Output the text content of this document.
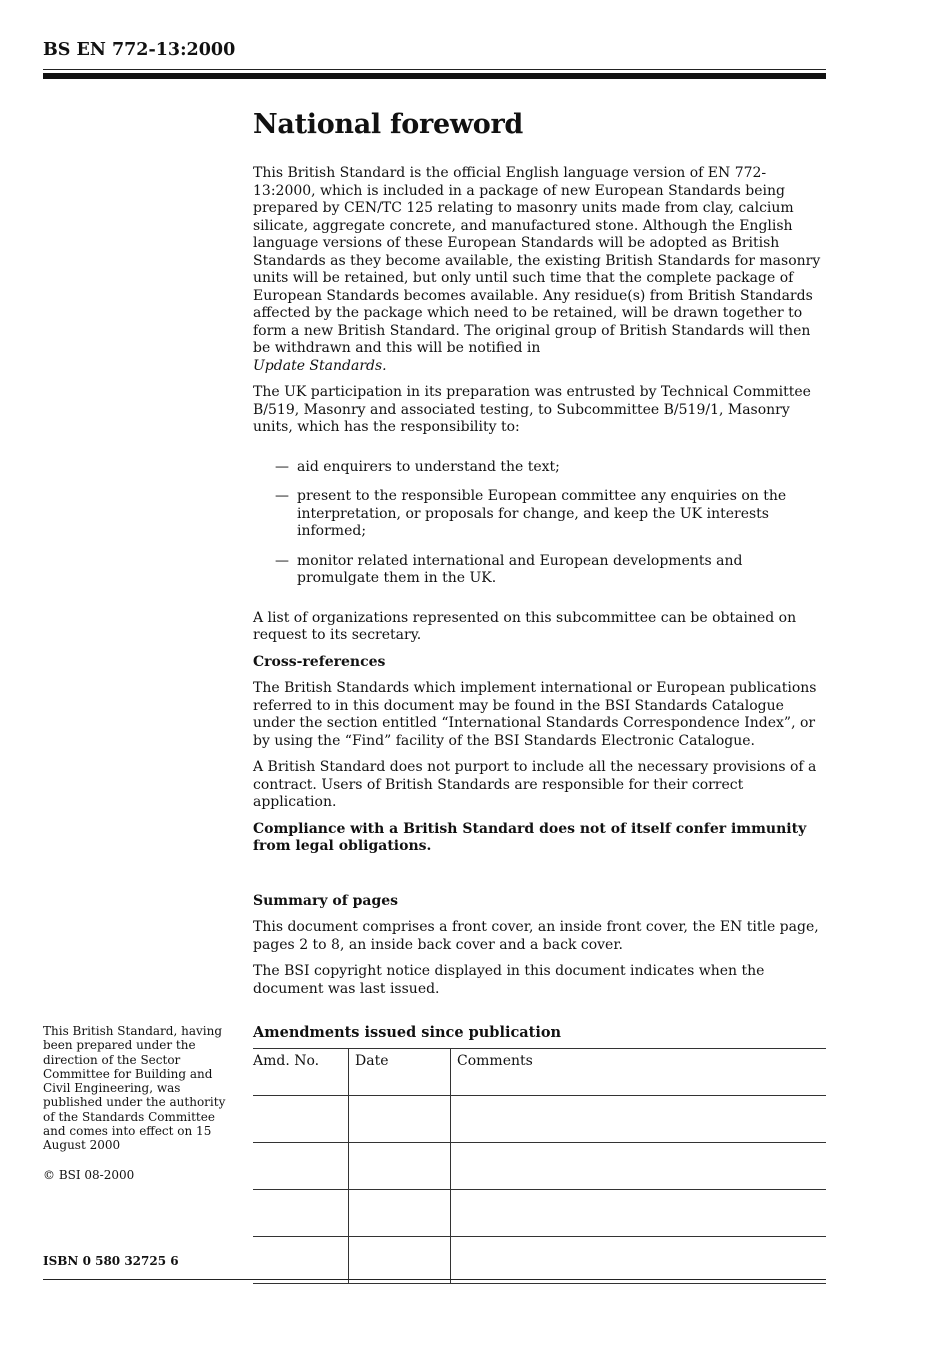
BS EN 772-13:2000
National foreword

This British Standard is the official English language version of EN 772-13:2000, which is included in a package of new European Standards being prepared by CEN/TC 125 relating to masonry units made from clay, calcium silicate, aggregate concrete, and manufactured stone. Although the English language versions of these European Standards will be adopted as British Standards as they become available, the existing British Standards for masonry units will be retained, but only until such time that the complete package of European Standards becomes available. Any residue(s) from British Standards affected by the package which need to be retained, will be drawn together to form a new British Standard. The original group of British Standards will then be withdrawn and this will be notified in
Update Standards.

The UK participation in its preparation was entrusted by Technical Committee B/519, Masonry and associated testing, to Subcommittee B/519/1, Masonry units, which has the responsibility to:

— aid enquirers to understand the text;
— present to the responsible European committee any enquiries on the interpretation, or proposals for change, and keep the UK interests informed;
— monitor related international and European developments and promulgate them in the UK.

A list of organizations represented on this subcommittee can be obtained on request to its secretary.

Cross-references

The British Standards which implement international or European publications referred to in this document may be found in the BSI Standards Catalogue under the section entitled “International Standards Correspondence Index”, or by using the “Find” facility of the BSI Standards Electronic Catalogue.

A British Standard does not purport to include all the necessary provisions of a contract. Users of British Standards are responsible for their correct application.

Compliance with a British Standard does not of itself confer immunity from legal obligations.
Summary of pages

This document comprises a front cover, an inside front cover, the EN title page, pages 2 to 8, an inside back cover and a back cover.

The BSI copyright notice displayed in this document indicates when the document was last issued.

This British Standard, having been prepared under the direction of the Sector Committee for Building and Civil Engineering, was published under the authority of the Standards Committee and comes into effect on 15 August 2000
© BSI 08-2000
ISBN 0 580 32725 6
Amendments issued since publication
Amd. No.	Date	Comments
